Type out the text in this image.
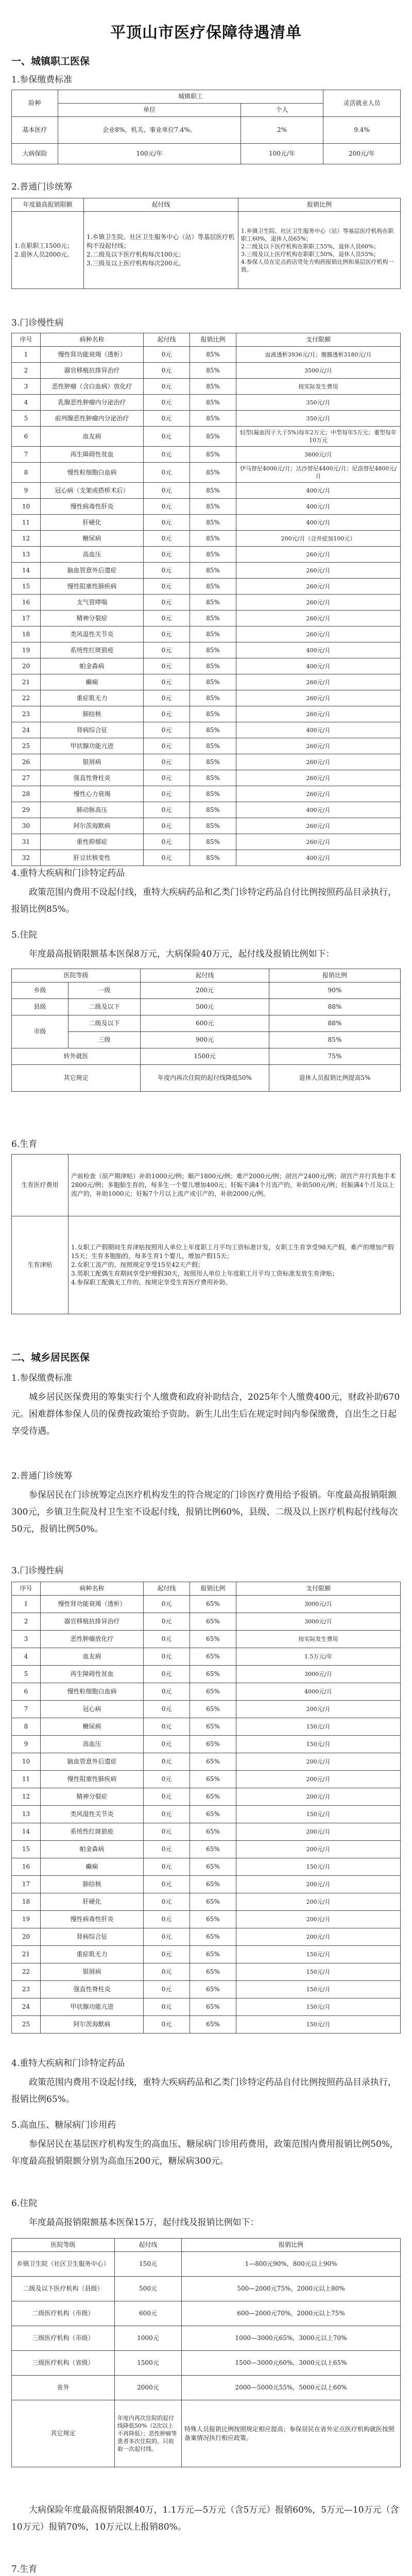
平顶山市医疗保障待遇清单
一、城镇职工医保
1.参保缴费标准
险种	城镇职工		灵活就业人员
	单位	个人	
基本医疗	企业8%，机关、事业单位7.4%。	2%	9.4%
大病保险	100元/年	100元/年	200元/年
2.普通门诊统筹
年度最高报销限额	起付线	报销比例
1.在职职工1500元；
2.退休人员2000元。	1.乡镇卫生院、社区卫生服务中心（站）等基层医疗机构不设起付线；
2.二级及以下医疗机构每次100元；
3.三级及以上医疗机构每次200元。	1.乡镇卫生院、社区卫生服务中心（站）等基层医疗机构在职职工60%，退休人员65%；
2.二级及以下医疗机构在职职工55%，退休人员60%；
3.三级及以上医疗机构在职职工50%，退休人员55%；
4.参保人员在定点药店凭处方购药报销比例和基层医疗机构一致。
3.门诊慢性病
序号	病种名称	起付线	报销比例	支付限额
1	慢性肾功能衰竭（透析）	0元	85%	血液透析3936元/月；腹膜透析3180元/月
2	器官移植抗排异治疗	0元	85%	3500元/月
3	恶性肿瘤（含白血病）放化疗	0元	85%	按实际发生费用
4	乳腺恶性肿瘤内分泌治疗	0元	85%	350元/月
5	前列腺恶性肿瘤内分泌治疗	0元	85%	350元/月
6	血友病	0元	85%	轻型(凝血因子大于5%)每年2万元；中型每年5万元；重型每年10万元
7	再生障碍性贫血	0元	85%	3600元/月
8	慢性粒细胞白血病	0元	85%	伊马替尼4000元/月；达沙替尼4400元/月；尼洛替尼4800元/月
9	冠心病（支架或搭桥术后）	0元	85%	400元/月
10	慢性病毒性肝炎	0元	85%	400元/月
11	肝硬化	0元	85%	400元/月
12	糖尿病	0元	85%	200元/月（合并症加100元）
13	高血压	0元	85%	260元/月
14	脑血管意外后遗症	0元	85%	260元/月
15	慢性阻塞性肺疾病	0元	85%	260元/月
16	支气管哮喘	0元	85%	260元/月
17	精神分裂症	0元	85%	260元/月
18	类风湿性关节炎	0元	85%	260元/月
19	系统性红斑狼疮	0元	85%	400元/月
20	帕金森病	0元	85%	400元/月
21	癫痫	0元	85%	260元/月
22	重症肌无力	0元	85%	260元/月
23	肺结核	0元	85%	260元/月
24	肾病综合征	0元	85%	400元/月
25	甲状腺功能亢进	0元	85%	260元/月
26	银屑病	0元	85%	260元/月
27	强直性脊柱炎	0元	85%	260元/月
28	慢性心力衰竭	0元	85%	260元/月
29	肺动脉高压	0元	85%	400元/月
30	阿尔茨海默病	0元	85%	260元/月
31	重性抑郁症	0元	85%	260元/月
32	肝豆状核变性	0元	85%	400元/月
4.重特大疾病和门诊特定药品

政策范围内费用不设起付线，重特大疾病药品和乙类门诊特定药品自付比例按照药品目录执行，报销比例85%。

5.住院

年度最高报销限额基本医保8万元，大病保险40万元，起付线及报销比例如下：

医院等级		起付线	报销比例
乡级	一级	200元	90%
县级	二级及以下	500元	88%
市级	二级及以下	600元	88%
	三级	900元	85%
转外就医		1500元	75%
其它规定		年度内再次住院的起付线降低50%	退休人员报销比例提高5%
6.生育
生育医疗费用	产前检查（原产期津贴）补助1000元/例；顺产1800元/例；难产2000元/例；剖宫产2400元/例；剖宫产并行其他手术2800元/例；多胞胎生育的，每多生一个婴儿增加400元；妊娠不满4个月流产的，补助500元/例；妊娠满4个月及以上流产的，补助1000元；妊娠7个月以上流产或引产的，补助2000元/例。
生育津贴	1.女职工产假期间生育津贴按照用人单位上年度职工月平均工资标准计发，女职工生育享受98天产假，难产的增加产假15天；生育多胞胎的，每多生育1个婴儿，增加产假15天；
2.女职工流产的，按照规定享受15至42天产假；
3.男职工配偶生育期间享受护理假30天，按照用人单位上年度职工月平均工资标准发放生育津贴；
4.参保职工配偶无工作的，按规定享受生育医疗费用补助。
二、城乡居民医保
1.参保缴费标准

城乡居民医保费用的筹集实行个人缴费和政府补助结合，2025年个人缴费400元，财政补助670元。困难群体参保人员的保费按政策给予资助。新生儿出生后在规定时间内参保缴费，自出生之日起享受待遇。

2.普通门诊统筹

参保居民在门诊统筹定点医疗机构发生的符合规定的门诊医疗费用给予报销。年度最高报销限额300元，乡镇卫生院及村卫生室不设起付线，报销比例60%，县级、二级及以上医疗机构起付线每次50元，报销比例50%。

3.门诊慢性病
序号	病种名称	起付线	报销比例	支付限额
1	慢性肾功能衰竭（透析）	0元	65%	3000元/月
2	器官移植抗排异治疗	0元	65%	3000元/月
3	恶性肿瘤放化疗	0元	65%	按实际发生费用
4	血友病	0元	65%	1.5万元/年
5	再生障碍性贫血	0元	65%	3000元/月
6	慢性粒细胞白血病	0元	65%	4000元/月
7	冠心病	0元	65%	200元/月
8	糖尿病	0元	65%	150元/月
9	高血压	0元	65%	150元/月
10	脑血管意外后遗症	0元	65%	200元/月
11	慢性阻塞性肺疾病	0元	65%	200元/月
12	精神分裂症	0元	65%	200元/月
13	类风湿性关节炎	0元	65%	150元/月
14	系统性红斑狼疮	0元	65%	200元/月
15	帕金森病	0元	65%	200元/月
16	癫痫	0元	65%	150元/月
17	肺结核	0元	65%	200元/月
18	肝硬化	0元	65%	200元/月
19	慢性病毒性肝炎	0元	65%	200元/月
20	肾病综合征	0元	65%	200元/月
21	重症肌无力	0元	65%	150元/月
22	银屑病	0元	65%	150元/月
23	强直性脊柱炎	0元	65%	150元/月
24	甲状腺功能亢进	0元	65%	150元/月
25	阿尔茨海默病	0元	65%	150元/月
4.重特大疾病和门诊特定药品

政策范围内费用不设起付线，重特大疾病药品和乙类门诊特定药品自付比例按照药品目录执行，报销比例65%。

5.高血压、糖尿病门诊用药

参保居民在基层医疗机构发生的高血压、糖尿病门诊用药费用，政策范围内费用报销比例50%，年度最高报销限额分别为高血压200元，糖尿病300元。

6.住院

年度最高报销限额基本医保15万，起付线及报销比例如下：

医院等级	起付线	报销比例
乡镇卫生院（社区卫生服务中心）	150元	1—800元90%，800元以上90%
二级及以下医疗机构（县级）	500元	500—2000元75%，2000元以上80%
二级医疗机构（市级）	600元	600—2000元70%，2000元以上75%
三级医疗机构（市级）	1000元	1000—3000元65%，3000元以上70%
三级医疗机构（省级）	1500元	1500—3000元60%，3000元以上65%
省外	2000元	2000—5000元55%，5000元以上60%
其它规定	年度内再次住院的起付线降低50%（2次以上不再降低）；恶性肿瘤等患者多次住院的，只收取一次起付线。	特殊人员报销比例按照规定相应提高；参保居民在省外定点医疗机构就医按照备案情况执行相应政策。

大病保险年度最高报销限额40万，1.1万元—5万元（含5万元）报销60%，5万元—10万元（含10万元）报销70%，10万元以上报销80%。

7.生育
